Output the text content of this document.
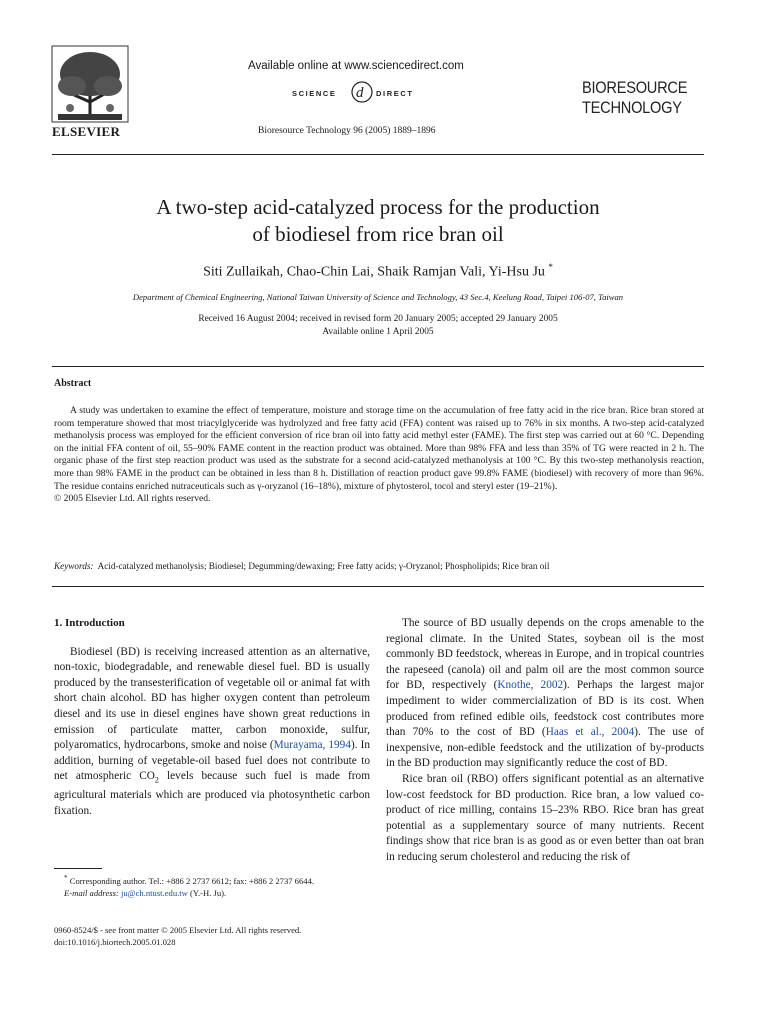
ELSEVIER
Available online at www.sciencedirect.com
SCIENCE d DIRECT
Bioresource Technology 96 (2005) 1889–1896
BIORESOURCE
TECHNOLOGY
A two-step acid-catalyzed process for the production
of biodiesel from rice bran oil
Siti Zullaikah, Chao-Chin Lai, Shaik Ramjan Vali, Yi-Hsu Ju *
Department of Chemical Engineering, National Taiwan University of Science and Technology, 43 Sec.4, Keelung Road, Taipei 106-07, Taiwan
Received 16 August 2004; received in revised form 20 January 2005; accepted 29 January 2005
Available online 1 April 2005
Abstract

A study was undertaken to examine the effect of temperature, moisture and storage time on the accumulation of free fatty acid in the rice bran. Rice bran stored at room temperature showed that most triacylglyceride was hydrolyzed and free fatty acid (FFA) content was raised up to 76% in six months. A two-step acid-catalyzed methanolysis process was employed for the efficient conversion of rice bran oil into fatty acid methyl ester (FAME). The first step was carried out at 60 °C. Depending on the initial FFA content of oil, 55–90% FAME content in the reaction product was obtained. More than 98% FFA and less than 35% of TG were reacted in 2 h. The organic phase of the first step reaction product was used as the substrate for a second acid-catalyzed methanolysis at 100 °C. By this two-step methanolysis reaction, more than 98% FAME in the product can be obtained in less than 8 h. Distillation of reaction product gave 99.8% FAME (biodiesel) with recovery of more than 96%. The residue contains enriched nutraceuticals such as γ-oryzanol (16–18%), mixture of phytosterol, tocol and steryl ester (19–21%).

© 2005 Elsevier Ltd. All rights reserved.

Keywords: Acid-catalyzed methanolysis; Biodiesel; Degumming/dewaxing; Free fatty acids; γ-Oryzanol; Phospholipids; Rice bran oil

1. Introduction

Biodiesel (BD) is receiving increased attention as an alternative, non-toxic, biodegradable, and renewable diesel fuel. BD is usually produced by the transesterification of vegetable oil or animal fat with short chain alcohol. BD has higher oxygen content than petroleum diesel and its use in diesel engines have shown great reductions in emission of particulate matter, carbon monoxide, sulfur, polyaromatics, hydrocarbons, smoke and noise (Murayama, 1994). In addition, burning of vegetable-oil based fuel does not contribute to net atmospheric $CO_2$ levels because such fuel is made from agricultural materials which are produced via photosynthetic carbon fixation.

* Corresponding author. Tel.: +886 2 2737 6612; fax: +886 2 2737 6644.

E-mail address: ju@ch.ntust.edu.tw (Y.-H. Ju).

0960-8524/$ - see front matter © 2005 Elsevier Ltd. All rights reserved.

doi:10.1016/j.biortech.2005.01.028

The source of BD usually depends on the crops amenable to the regional climate. In the United States, soybean oil is the most commonly BD feedstock, whereas in Europe, and in tropical countries the rapeseed (canola) oil and palm oil are the most common source for BD, respectively (Knothe, 2002). Perhaps the largest major impediment to wider commercialization of BD is its cost. When produced from refined edible oils, feedstock cost contributes more than 70% to the cost of BD (Haas et al., 2004). The use of inexpensive, non-edible feedstock and the utilization of by-products in the BD production may significantly reduce the cost of BD.

Rice bran oil (RBO) offers significant potential as an alternative low-cost feedstock for BD production. Rice bran, a low valued co-product of rice milling, contains 15–23% RBO. Rice bran has great potential as a supplementary source of many nutrients. Recent findings show that rice bran is as good as or even better than oat bran in reducing serum cholesterol and reducing the risk of
